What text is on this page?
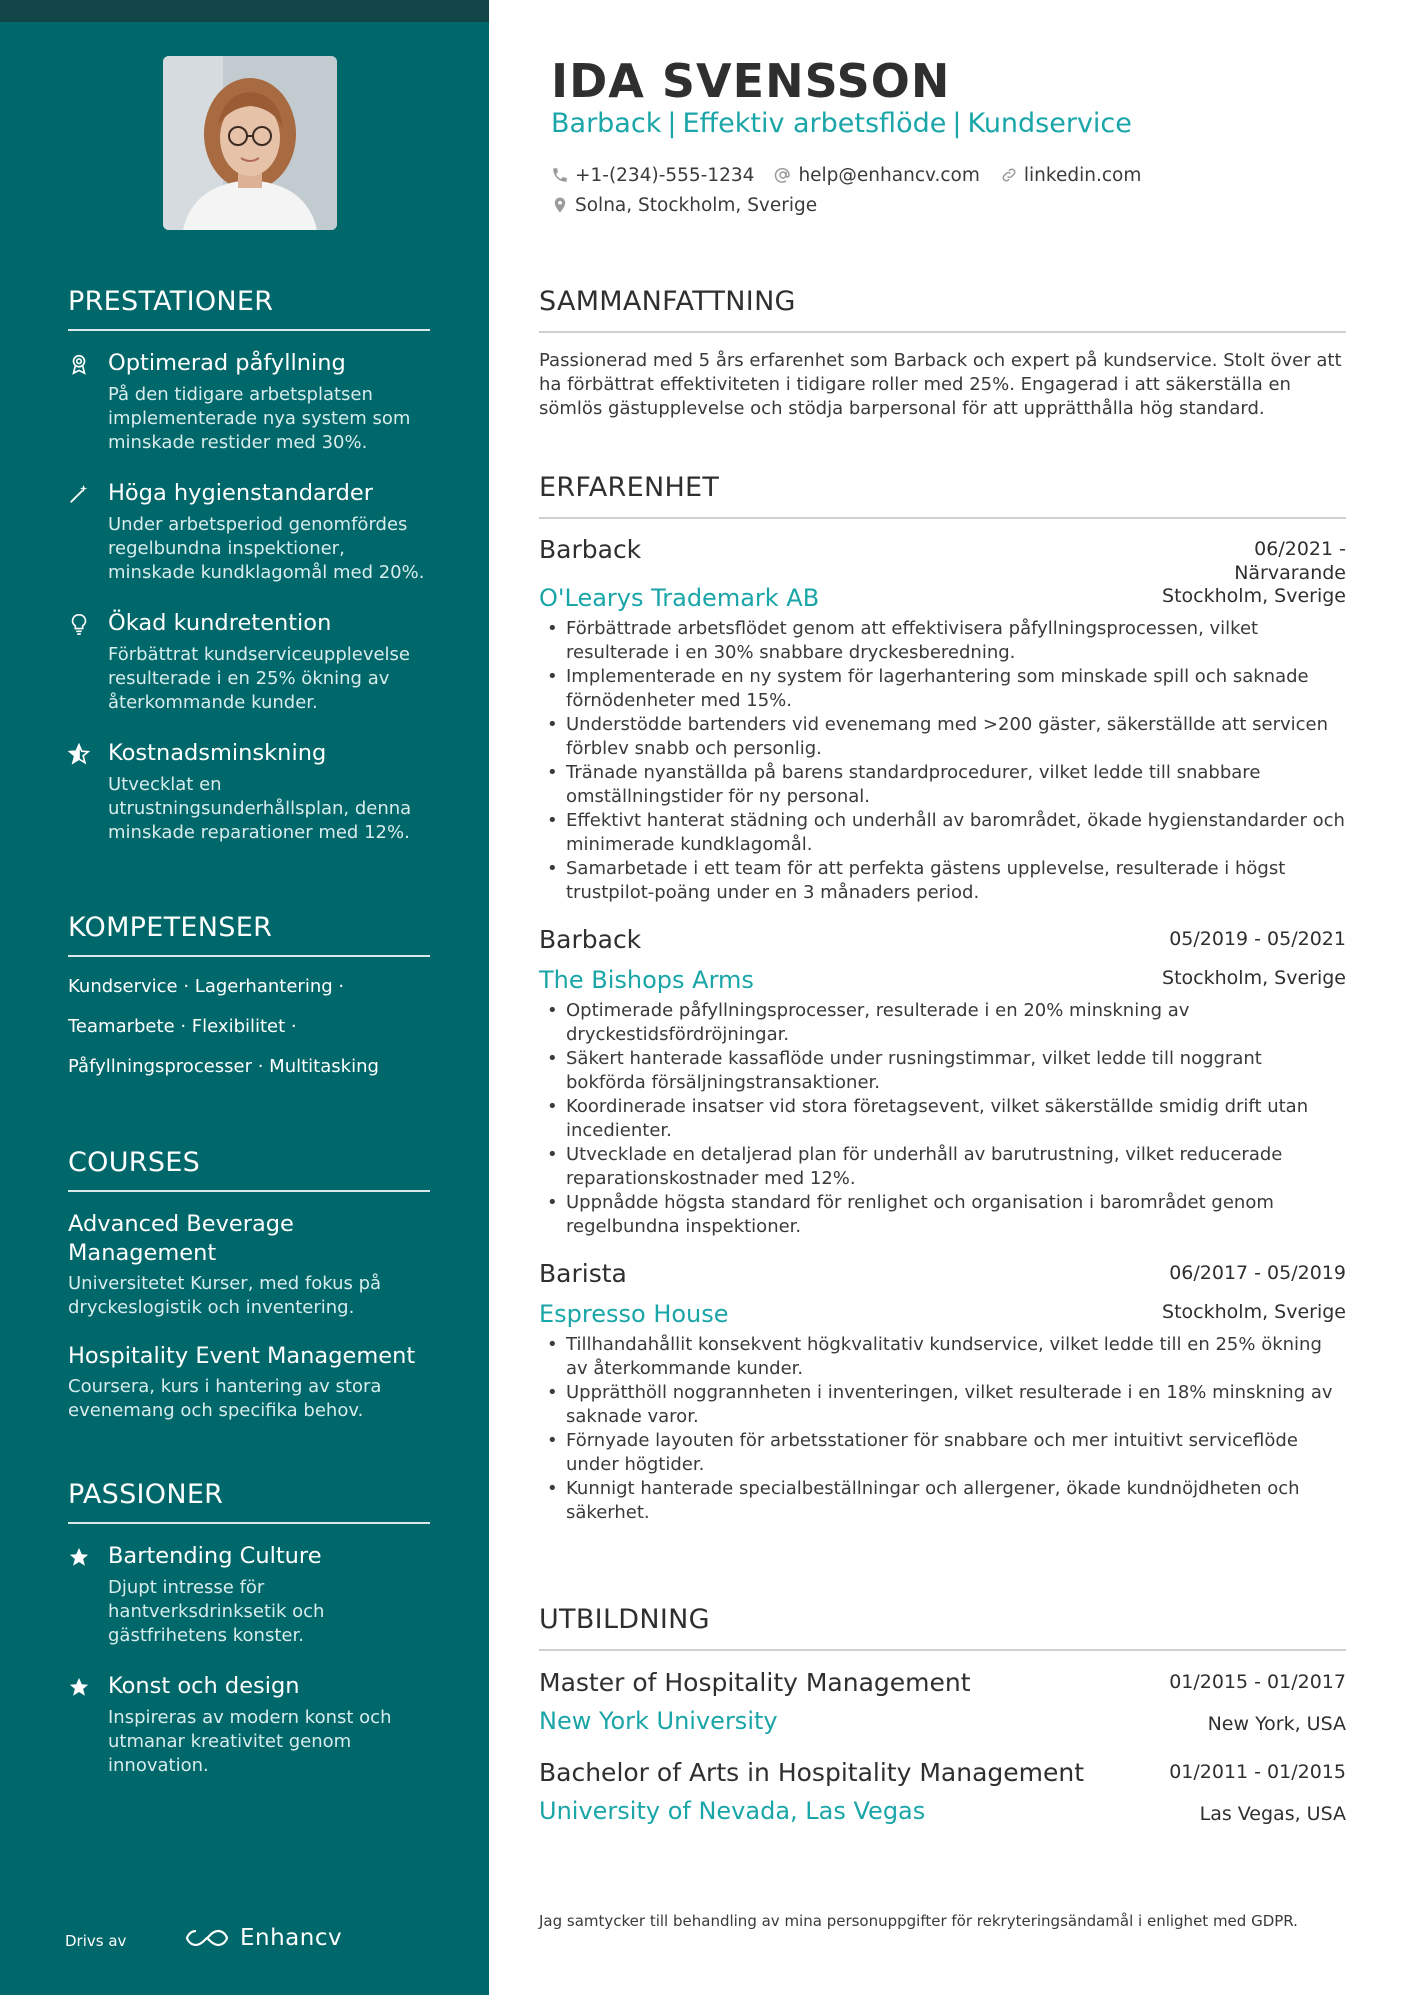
PRESTATIONER
Optimerad påfyllning
På den tidigare arbetsplatsen implementerade nya system som minskade restider med 30%.
Höga hygienstandarder
Under arbetsperiod genomfördes regelbundna inspektioner, minskade kundklagomål med 20%.
Ökad kundretention
Förbättrat kundserviceupplevelse resulterade i en 25% ökning av återkommande kunder.
Kostnadsminskning
Utvecklat en utrustningsunderhållsplan, denna minskade reparationer med 12%.
KOMPETENSER
Kundservice · Lagerhantering ·
Teamarbete · Flexibilitet ·
Påfyllningsprocesser · Multitasking
COURSES
Advanced Beverage Management
Universitetet Kurser, med fokus på dryckeslogistik och inventering.
Hospitality Event Management
Coursera, kurs i hantering av stora evenemang och specifika behov.
PASSIONER
Bartending Culture
Djupt intresse för hantverksdrinksetik och gästfrihetens konster.
Konst och design
Inspireras av modern konst och utmanar kreativitet genom innovation.
Drivs av	Enhancv
IDA SVENSSON
Barback | Effektiv arbetsflöde | Kundservice
+1-(234)-555-1234 help@enhancv.com linkedin.com
Solna, Stockholm, Sverige
SAMMANFATTNING
Passionerad med 5 års erfarenhet som Barback och expert på kundservice. Stolt över att ha förbättrat effektiviteten i tidigare roller med 25%. Engagerad i att säkerställa en sömlös gästupplevelse och stödja barpersonal för att upprätthålla hög standard.
ERFARENHET
Barback	06/2021 -
Närvarande
O'Learys Trademark AB	Stockholm, Sverige
• Förbättrade arbetsflödet genom att effektivisera påfyllningsprocessen, vilket resulterade i en 30% snabbare dryckesberedning.
• Implementerade en ny system för lagerhantering som minskade spill och saknade förnödenheter med 15%.
• Understödde bartenders vid evenemang med >200 gäster, säkerställde att servicen förblev snabb och personlig.
• Tränade nyanställda på barens standardprocedurer, vilket ledde till snabbare omställningstider för ny personal.
• Effektivt hanterat städning och underhåll av barområdet, ökade hygienstandarder och minimerade kundklagomål.
• Samarbetade i ett team för att perfekta gästens upplevelse, resulterade i högst trustpilot-poäng under en 3 månaders period.
Barback	05/2019 - 05/2021
The Bishops Arms	Stockholm, Sverige
• Optimerade påfyllningsprocesser, resulterade i en 20% minskning av dryckestidsfördröjningar.
• Säkert hanterade kassaflöde under rusningstimmar, vilket ledde till noggrant bokförda försäljningstransaktioner.
• Koordinerade insatser vid stora företagsevent, vilket säkerställde smidig drift utan incedienter.
• Utvecklade en detaljerad plan för underhåll av barutrustning, vilket reducerade reparationskostnader med 12%.
• Uppnådde högsta standard för renlighet och organisation i barområdet genom regelbundna inspektioner.
Barista	06/2017 - 05/2019
Espresso House	Stockholm, Sverige
• Tillhandahållit konsekvent högkvalitativ kundservice, vilket ledde till en 25% ökning av återkommande kunder.
• Upprätthöll noggrannheten i inventeringen, vilket resulterade i en 18% minskning av saknade varor.
• Förnyade layouten för arbetsstationer för snabbare och mer intuitivt serviceflöde under högtider.
• Kunnigt hanterade specialbeställningar och allergener, ökade kundnöjdheten och säkerhet.
UTBILDNING
Master of Hospitality Management	01/2015 - 01/2017
New York University	New York, USA
Bachelor of Arts in Hospitality Management	01/2011 - 01/2015
University of Nevada, Las Vegas	Las Vegas, USA
Jag samtycker till behandling av mina personuppgifter för rekryteringsändamål i enlighet med GDPR.
